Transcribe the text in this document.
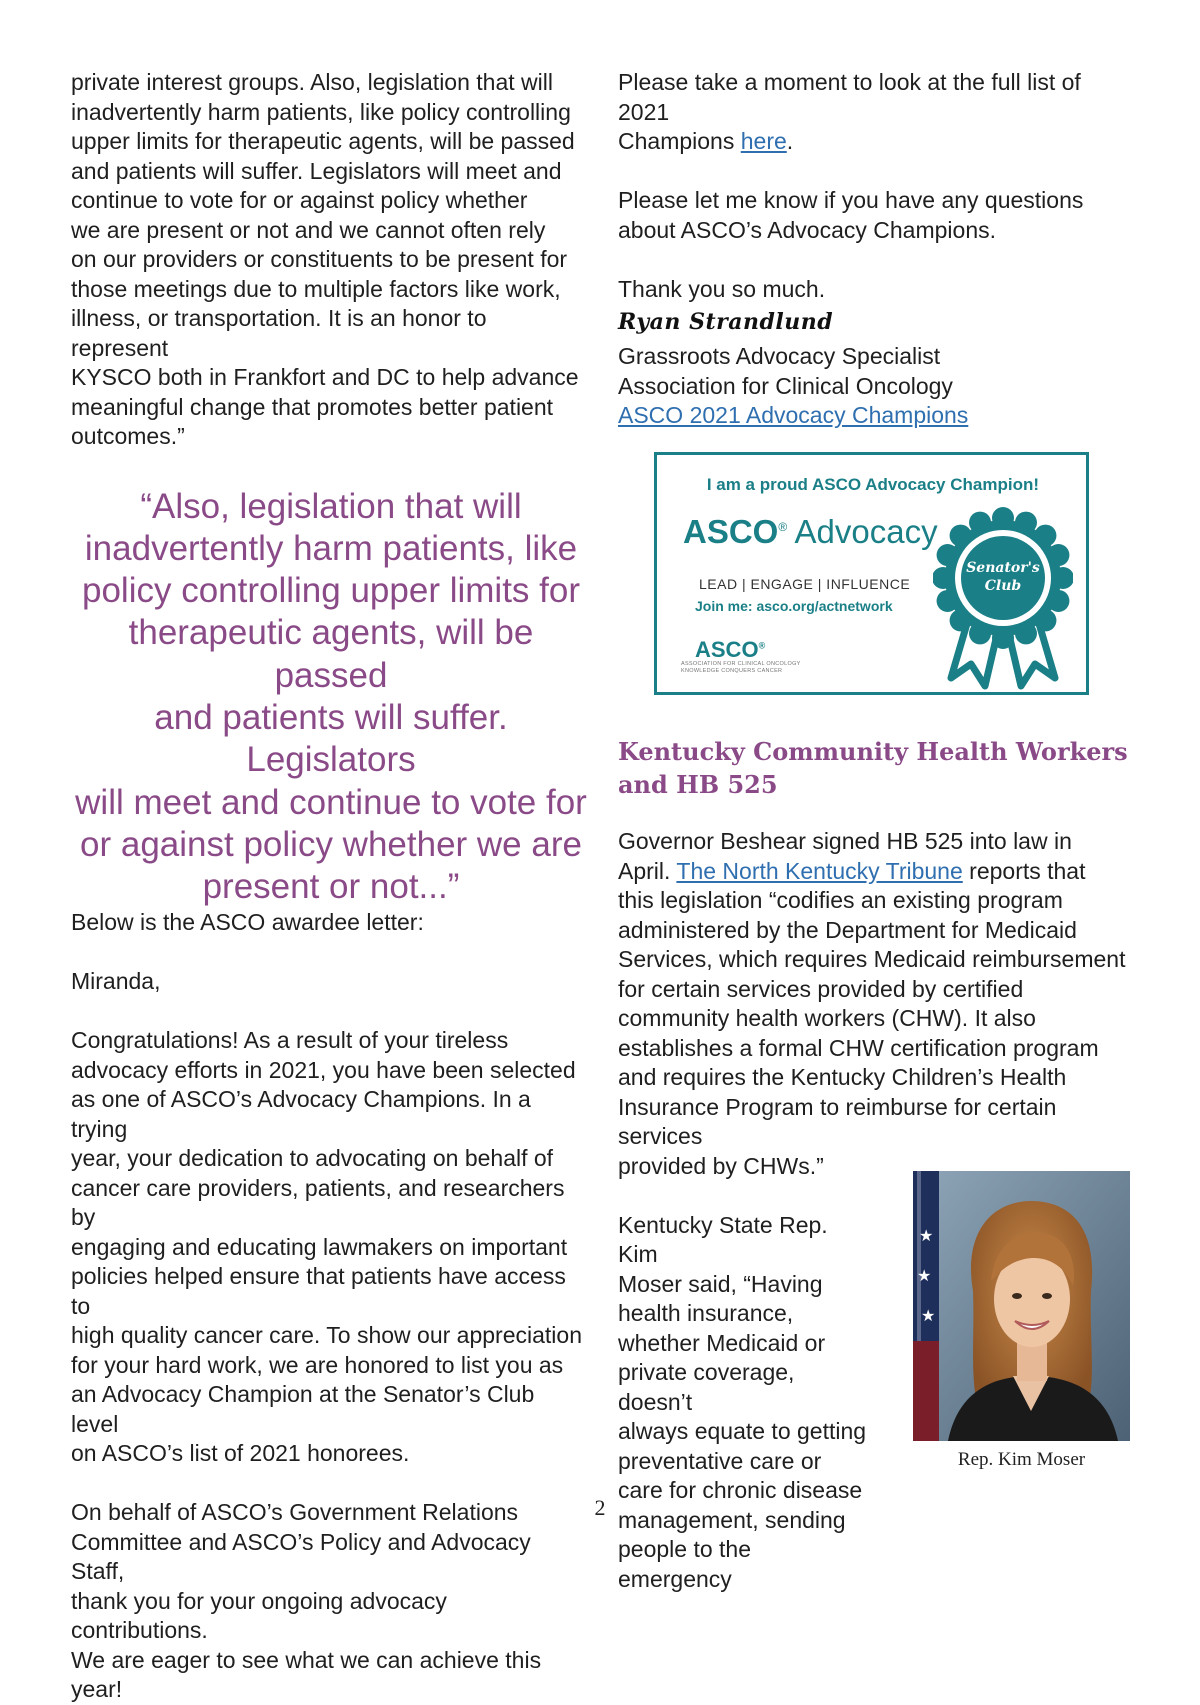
private interest groups. Also, legislation that will
inadvertently harm patients, like policy controlling
upper limits for therapeutic agents, will be passed
and patients will suffer. Legislators will meet and
continue to vote for or against policy whether
we are present or not and we cannot often rely
on our providers or constituents to be present for
those meetings due to multiple factors like work,
illness, or transportation. It is an honor to represent
KYSCO both in Frankfort and DC to help advance
meaningful change that promotes better patient
outcomes.”

“Also, legislation that will
inadvertently harm patients, like
policy controlling upper limits for
therapeutic agents, will be passed
and patients will suffer. Legislators
will meet and continue to vote for
or against policy whether we are
present or not...”

Below is the ASCO awardee letter:

Miranda,

Congratulations! As a result of your tireless
advocacy efforts in 2021, you have been selected
as one of ASCO’s Advocacy Champions. In a trying
year, your dedication to advocating on behalf of
cancer care providers, patients, and researchers by
engaging and educating lawmakers on important
policies helped ensure that patients have access to
high quality cancer care. To show our appreciation
for your hard work, we are honored to list you as
an Advocacy Champion at the Senator’s Club level
on ASCO’s list of 2021 honorees.

On behalf of ASCO’s Government Relations
Committee and ASCO’s Policy and Advocacy Staff,
thank you for your ongoing advocacy contributions.
We are eager to see what we can achieve this year!

Please take a moment to look at the full list of 2021
Champions here.

Please let me know if you have any questions
about ASCO’s Advocacy Champions.

Thank you so much.

Ryan Strandlund

Grassroots Advocacy Specialist
Association for Clinical Oncology
ASCO 2021 Advocacy Champions

I am a proud ASCO Advocacy Champion!
ASCO® Advocacy
LEAD | ENGAGE | INFLUENCE
Join me: asco.org/actnetwork
ASCO®
ASSOCIATION FOR CLINICAL ONCOLOGY
KNOWLEDGE CONQUERS CANCER
Senator's
Club
Kentucky Community Health Workers
and HB 525

Governor Beshear signed HB 525 into law in
April. The North Kentucky Tribune reports that
this legislation “codifies an existing program
administered by the Department for Medicaid
Services, which requires Medicaid reimbursement
for certain services provided by certified
community health workers (CHW). It also
establishes a formal CHW certification program
and requires the Kentucky Children’s Health
Insurance Program to reimburse for certain services
provided by CHWs.”

Kentucky State Rep. Kim
Moser said, “Having
health insurance,
whether Medicaid or
private coverage, doesn’t
always equate to getting
preventative care or
care for chronic disease
management, sending
people to the emergency

★
★
★
Rep. Kim Moser
2
